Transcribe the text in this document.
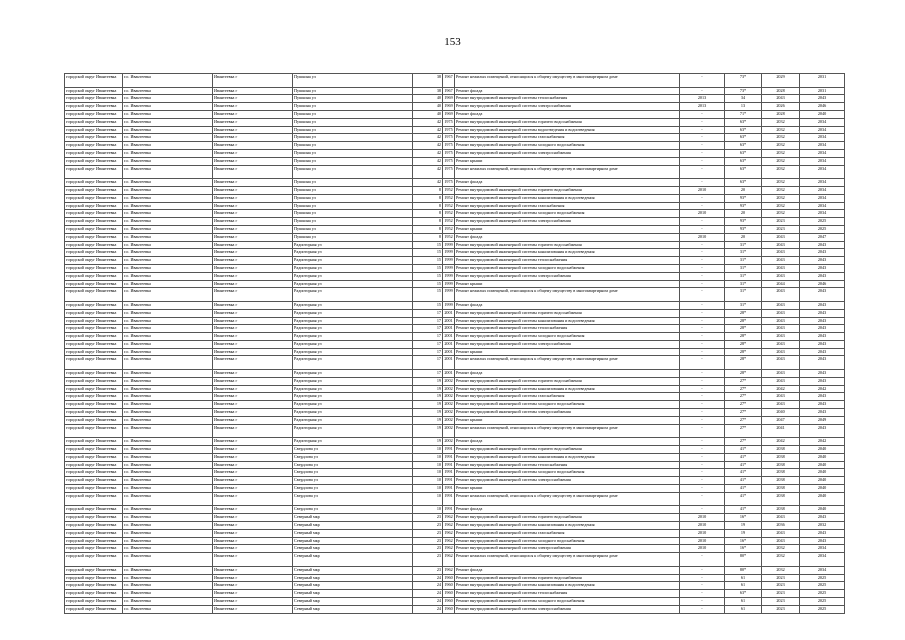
153
городской округ Ивантеевка	г.о. Ивантеевка	Ивантеевка г	Пушкина ул	38	1967	Ремонт нежилых помещений, относящихся к общему имуществу в многоквартирном доме	-	73*	2029	2031
городской округ Ивантеевка	г.о. Ивантеевка	Ивантеевка г	Пушкина ул	38	1967	Ремонт фасада	-	73*	2028	2031
городской округ Ивантеевка	г.о. Ивантеевка	Ивантеевка г	Пушкина ул	40	1969	Ремонт внутридомовой инженерной системы теплоснабжения	2013	34	2043	2043
городской округ Ивантеевка	г.о. Ивантеевка	Ивантеевка г	Пушкина ул	40	1969	Ремонт внутридомовой инженерной системы электроснабжения	2013	13	2026	2046
городской округ Ивантеевка	г.о. Ивантеевка	Ивантеевка г	Пушкина ул	40	1969	Ремонт фасада	-	71*	2028	2040
городской округ Ивантеевка	г.о. Ивантеевка	Ивантеевка г	Пушкина ул	42	1975	Ремонт внутридомовой инженерной системы горячего водоснабжения	-	63*	2032	2034
городской округ Ивантеевка	г.о. Ивантеевка	Ивантеевка г	Пушкина ул	42	1975	Ремонт внутридомовой инженерной системы водоотведения и водоотведения	-	63*	2032	2034
городской округ Ивантеевка	г.о. Ивантеевка	Ивантеевка г	Пушкина ул	42	1975	Ремонт внутридомовой инженерной системы газоснабжения	-	63*	2032	2034
городской округ Ивантеевка	г.о. Ивантеевка	Ивантеевка г	Пушкина ул	42	1975	Ремонт внутридомовой инженерной системы холодного водоснабжения	-	63*	2032	2034
городской округ Ивантеевка	г.о. Ивантеевка	Ивантеевка г	Пушкина ул	42	1975	Ремонт внутридомовой инженерной системы электроснабжения	-	63*	2032	2034
городской округ Ивантеевка	г.о. Ивантеевка	Ивантеевка г	Пушкина ул	42	1975	Ремонт крыши	-	63*	2032	2034
городской округ Ивантеевка	г.о. Ивантеевка	Ивантеевка г	Пушкина ул	42	1975	Ремонт нежилых помещений, относящихся к общему имуществу в многоквартирном доме	-	63*	2032	2034
городской округ Ивантеевка	г.о. Ивантеевка	Ивантеевка г	Пушкина ул	42	1975	Ремонт фасада	-	63*	2032	2034
городской округ Ивантеевка	г.о. Ивантеевка	Ивантеевка г	Пушкина ул	8	1952	Ремонт внутридомовой инженерной системы горячего водоснабжения	2010	20	2032	2034
городской округ Ивантеевка	г.о. Ивантеевка	Ивантеевка г	Пушкина ул	8	1952	Ремонт внутридомовой инженерной системы канализования и водоотведения	-	93*	2032	2034
городской округ Ивантеевка	г.о. Ивантеевка	Ивантеевка г	Пушкина ул	8	1952	Ремонт внутридомовой инженерной системы газоснабжения	-	93*	2032	2034
городской округ Ивантеевка	г.о. Ивантеевка	Ивантеевка г	Пушкина ул	8	1952	Ремонт внутридомовой инженерной системы холодного водоснабжения	2010	20	2032	2034
городской округ Ивантеевка	г.о. Ивантеевка	Ивантеевка г	Пушкина ул	8	1952	Ремонт внутридомовой инженерной системы электроснабжения	-	93*	2023	2025
городской округ Ивантеевка	г.о. Ивантеевка	Ивантеевка г	Пушкина ул	8	1952	Ремонт крыши	-	93*	2023	2025
городской округ Ивантеевка	г.о. Ивантеевка	Ивантеевка г	Пушкина ул	8	1952	Ремонт фасада	2010	20	2043	2047
городской округ Ивантеевка	г.о. Ивантеевка	Ивантеевка г	Радиоторная ул	15	1999	Ремонт внутридомовой инженерной системы горячего водоснабжения	-	31*	2043	2043
городской округ Ивантеевка	г.о. Ивантеевка	Ивантеевка г	Радиоторная ул	15	1999	Ремонт внутридомовой инженерной системы канализования и водоотведения	-	31*	2043	2043
городской округ Ивантеевка	г.о. Ивантеевка	Ивантеевка г	Радиоторная ул	15	1999	Ремонт внутридомовой инженерной системы теплоснабжения	-	31*	2043	2043
городской округ Ивантеевка	г.о. Ивантеевка	Ивантеевка г	Радиоторная ул	15	1999	Ремонт внутридомовой инженерной системы холодного водоснабжения	-	31*	2043	2043
городской округ Ивантеевка	г.о. Ивантеевка	Ивантеевка г	Радиоторная ул	15	1999	Ремонт внутридомовой инженерной системы электроснабжения	-	31*	2043	2043
городской округ Ивантеевка	г.о. Ивантеевка	Ивантеевка г	Радиоторная ул	15	1999	Ремонт крыши	-	31*	2044	2046
городской округ Ивантеевка	г.о. Ивантеевка	Ивантеевка г	Радиоторная ул	15	1999	Ремонт нежилых помещений, относящихся к общему имуществу в многоквартирном доме	-	31*	2043	2043
городской округ Ивантеевка	г.о. Ивантеевка	Ивантеевка г	Радиоторная ул	15	1999	Ремонт фасада	-	31*	2043	2043
городской округ Ивантеевка	г.о. Ивантеевка	Ивантеевка г	Радиоторная ул	17	2001	Ремонт внутридомовой инженерной системы горячего водоснабжения	-	28*	2043	2043
городской округ Ивантеевка	г.о. Ивантеевка	Ивантеевка г	Радиоторная ул	17	2001	Ремонт внутридомовой инженерной системы канализования и водоотведения	-	28*	2043	2043
городской округ Ивантеевка	г.о. Ивантеевка	Ивантеевка г	Радиоторная ул	17	2001	Ремонт внутридомовой инженерной системы теплоснабжения	-	28*	2043	2043
городской округ Ивантеевка	г.о. Ивантеевка	Ивантеевка г	Радиоторная ул	17	2001	Ремонт внутридомовой инженерной системы холодного водоснабжения	-	28*	2043	2043
городской округ Ивантеевка	г.о. Ивантеевка	Ивантеевка г	Радиоторная ул	17	2001	Ремонт внутридомовой инженерной системы электроснабжения	-	28*	2043	2043
городской округ Ивантеевка	г.о. Ивантеевка	Ивантеевка г	Радиоторная ул	17	2001	Ремонт крыши	-	28*	2043	2043
городской округ Ивантеевка	г.о. Ивантеевка	Ивантеевка г	Радиоторная ул	17	2001	Ремонт нежилых помещений, относящихся к общему имуществу в многоквартирном доме	-	28*	2043	2043
городской округ Ивантеевка	г.о. Ивантеевка	Ивантеевка г	Радиоторная ул	17	2001	Ремонт фасада	-	28*	2043	2043
городской округ Ивантеевка	г.о. Ивантеевка	Ивантеевка г	Радиоторная ул	19	2002	Ремонт внутридомовой инженерной системы горячего водоснабжения	-	27*	2043	2043
городской округ Ивантеевка	г.о. Ивантеевка	Ивантеевка г	Радиоторная ул	19	2002	Ремонт внутридомовой инженерной системы канализования и водоотведения	-	27*	2042	2042
городской округ Ивантеевка	г.о. Ивантеевка	Ивантеевка г	Радиоторная ул	19	2002	Ремонт внутридомовой инженерной системы газоснабжения	-	27*	2043	2043
городской округ Ивантеевка	г.о. Ивантеевка	Ивантеевка г	Радиоторная ул	19	2002	Ремонт внутридомовой инженерной системы холодного водоснабжения	-	27*	2043	2043
городской округ Ивантеевка	г.о. Ивантеевка	Ивантеевка г	Радиоторная ул	19	2002	Ремонт внутридомовой инженерной системы электроснабжения	-	27*	2040	2043
городской округ Ивантеевка	г.о. Ивантеевка	Ивантеевка г	Радиоторная ул	19	2002	Ремонт крыши	-	27*	2047	2049
городской округ Ивантеевка	г.о. Ивантеевка	Ивантеевка г	Радиоторная ул	19	2002	Ремонт нежилых помещений, относящихся к общему имуществу в многоквартирном доме	-	27*	2041	2043
городской округ Ивантеевка	г.о. Ивантеевка	Ивантеевка г	Радиоторная ул	19	2002	Ремонт фасада	-	27*	2042	2042
городской округ Ивантеевка	г.о. Ивантеевка	Ивантеевка г	Свердлова ул	10	1991	Ремонт внутридомовой инженерной системы горячего водоснабжения	-	41*	2038	2040
городской округ Ивантеевка	г.о. Ивантеевка	Ивантеевка г	Свердлова ул	10	1991	Ремонт внутридомовой инженерной системы канализования и водоотведения	-	41*	2038	2040
городской округ Ивантеевка	г.о. Ивантеевка	Ивантеевка г	Свердлова ул	10	1991	Ремонт внутридомовой инженерной системы теплоснабжения	-	41*	2038	2040
городской округ Ивантеевка	г.о. Ивантеевка	Ивантеевка г	Свердлова ул	10	1991	Ремонт внутридомовой инженерной системы холодного водоснабжения	-	41*	2038	2040
городской округ Ивантеевка	г.о. Ивантеевка	Ивантеевка г	Свердлова ул	10	1991	Ремонт внутридомовой инженерной системы электроснабжения	-	41*	2038	2040
городской округ Ивантеевка	г.о. Ивантеевка	Ивантеевка г	Свердлова ул	10	1991	Ремонт крыши	-	41*	2038	2040
городской округ Ивантеевка	г.о. Ивантеевка	Ивантеевка г	Свердлова ул	10	1991	Ремонт нежилых помещений, относящихся к общему имуществу в многоквартирном доме	-	41*	2038	2040
городской округ Ивантеевка	г.о. Ивантеевка	Ивантеевка г	Свердлова ул	10	1991	Ремонт фасада	-	41*	2038	2040
городской округ Ивантеевка	г.о. Ивантеевка	Ивантеевка г	Северный мкр	23	1962	Ремонт внутридомовой инженерной системы горячего водоснабжения	2010	16*	2043	2043
городской округ Ивантеевка	г.о. Ивантеевка	Ивантеевка г	Северный мкр	23	1962	Ремонт внутридомовой инженерной системы канализования и водоотведения	2010	19	2036	2032
городской округ Ивантеевка	г.о. Ивантеевка	Ивантеевка г	Северный мкр	23	1962	Ремонт внутридомовой инженерной системы газоснабжения	2010	19	2043	2043
городской округ Ивантеевка	г.о. Ивантеевка	Ивантеевка г	Северный мкр	23	1962	Ремонт внутридомовой инженерной системы холодного водоснабжения	2010	16*	2043	2043
городской округ Ивантеевка	г.о. Ивантеевка	Ивантеевка г	Северный мкр	23	1962	Ремонт внутридомовой инженерной системы электроснабжения	2010	16*	2032	2034
городской округ Ивантеевка	г.о. Ивантеевка	Ивантеевка г	Северный мкр	23	1962	Ремонт нежилых помещений, относящихся к общему имуществу в многоквартирном доме	-	80*	2032	2034
городской округ Ивантеевка	г.о. Ивантеевка	Ивантеевка г	Северный мкр	23	1962	Ремонт фасада	-	80*	2032	2034
городской округ Ивантеевка	г.о. Ивантеевка	Ивантеевка г	Северный мкр	24	1960	Ремонт внутридомовой инженерной системы горячего водоснабжения	-	61	2023	2025
городской округ Ивантеевка	г.о. Ивантеевка	Ивантеевка г	Северный мкр	24	1960	Ремонт внутридомовой инженерной системы канализования и водоотведения	-	61	2023	2025
городской округ Ивантеевка	г.о. Ивантеевка	Ивантеевка г	Северный мкр	24	1960	Ремонт внутридомовой инженерной системы теплоснабжения	-	63*	2023	2025
городской округ Ивантеевка	г.о. Ивантеевка	Ивантеевка г	Северный мкр	24	1960	Ремонт внутридомовой инженерной системы холодного водоснабжения	-	61	2023	2025
городской округ Ивантеевка	г.о. Ивантеевка	Ивантеевка г	Северный мкр	24	1960	Ремонт внутридомовой инженерной системы электроснабжения	-	61	2023	2025
